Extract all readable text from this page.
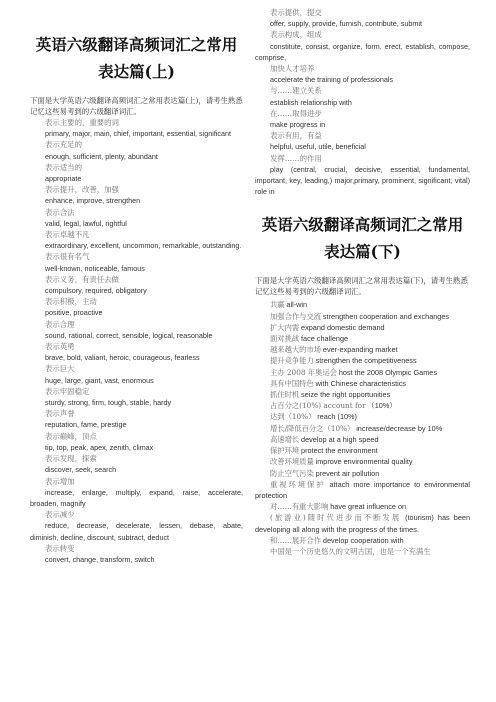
英语六级翻译高频词汇之常用
表达篇(上)

下面是大学英语六级翻译高频词汇之常用表达篇(上)，请考生熟悉记忆这些易考到的六级翻译词汇。

表示主要的，重要的词
primary, major, main, chief, important, essential, significant
表示充足的
enough, sufficient, plenty, abundant
表示适当的
appropriate
表示提升，改善，加强
enhance, improve, strengthen
表示合法
valid, legal, lawful, rightful
表示卓越不凡
extraordinary, excellent, uncommon, remarkable, outstanding.
表示很有名气
well-known, noticeable, famous
表示义务，有责任去做
compulsory, required, obligatory
表示积极，主动
positive, proactive
表示合理
sound, rational, correct, sensible, logical, reasonable
表示英勇
brave, bold, valiant, heroic, courageous, fearless
表示巨大
huge, large, giant, vast, enormous
表示牢固稳定
sturdy, strong, firm, tough, stable, hardy
表示声誉
reputation, fame, prestige
表示巅峰，顶点
tip, top, peak, apex, zenith, climax
表示发现，探索
discover, seek, search
表示增加
increase, enlarge, multiply, expand, raise, accelerate, broaden, magnify
表示减少
reduce, decrease, decelerate, lessen, debase, abate, diminish, decline, discount, subtract, deduct
表示转变
convert, change, transform, switch
表示提供，提交
offer, supply, provide, furnish, contribute, submit
表示构成，组成
constitute, consist, organize, form, erect, establish, compose, comprise,
加快人才培养
accelerate the training of professionals
与……建立关系
establish relationship with
在……取得进步
make progress in
表示有用，有益
helpful, useful, utile, beneficial
发挥……的作用
play (central, crucial, decisive, essential, fundamental, important, key, leading,) major,primary, prominent, significant, vital) role in
英语六级翻译高频词汇之常用
表达篇(下)

下面是大学英语六级翻译高频词汇之常用表达篇(下)，请考生熟悉记忆这些易考到的六级翻译词汇。

共赢 all-win
加强合作与交流 strengthen cooperation and exchanges
扩大内需 expand domestic demand
面对挑战 face challenge
越来越大的市场 ever-expanding market
提升竞争能力 strengthen the competitiveness
主办 2008 年奥运会 host the 2008 Olympic Games
具有中国特色 with Chinese characteristics
抓住时机 seize the right opportunities
占百分之(10%) account for （10%）
达到（10%） reach (10%)
增长/降低百分之（10%） increase/decrease by 10%
高速增长 develop at a high speed
保护环境 protect the environment
改善环境质量 improve environmental quality
防止空气污染 prevent air pollution
重视环境保护 attach more importance to environmental protection
对……有重大影响 have great influence on
(旅游业)随时代进步而不断发展 (tourism) has been developing all along with the progress of the times.
和……展开合作 develop cooperation with
中国是一个历史悠久的文明古国，也是一个充满生
